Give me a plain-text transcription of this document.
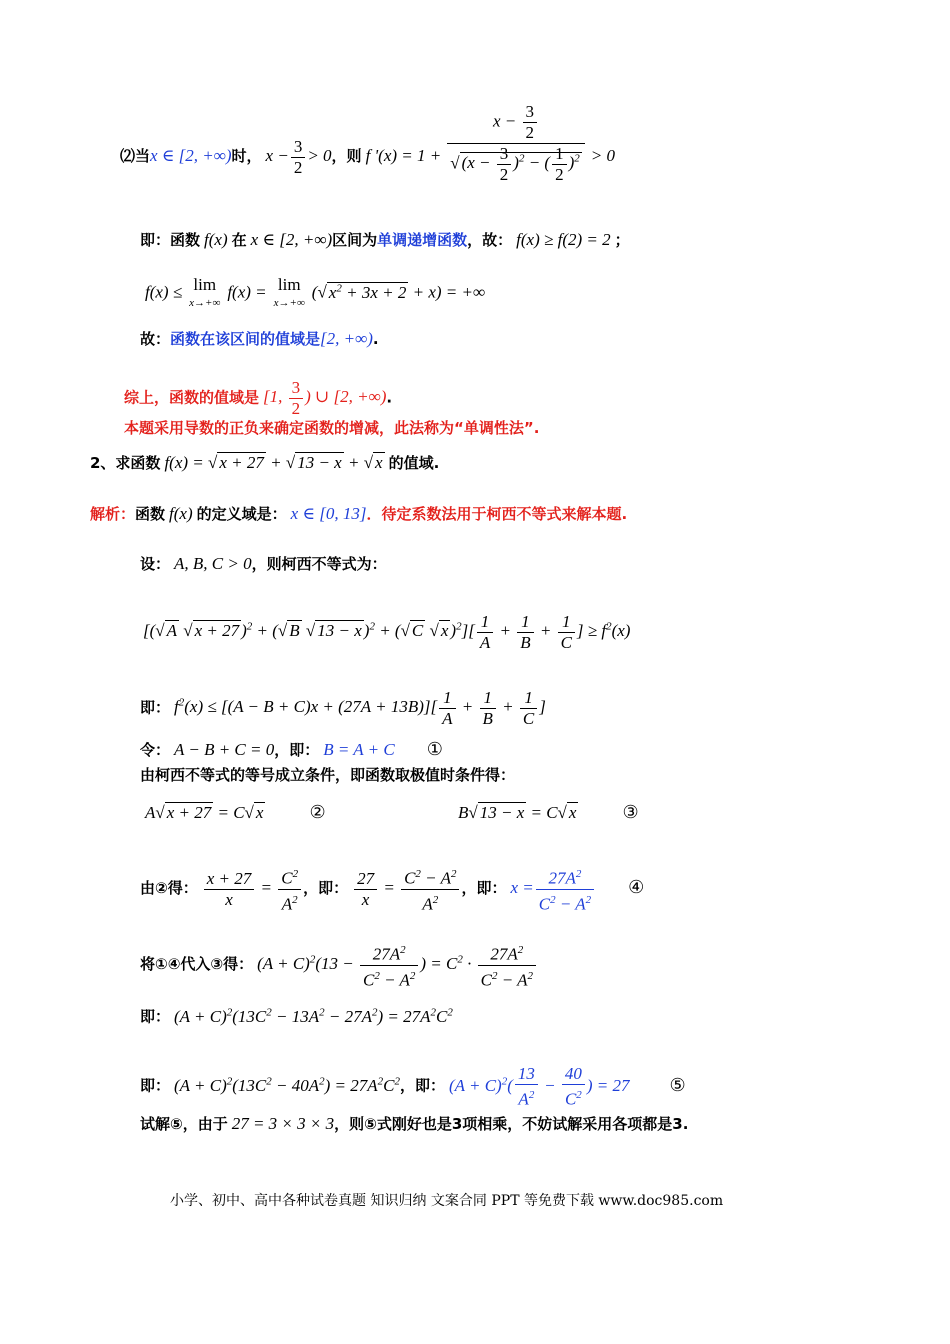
⑵当x ∈ [2, +∞)时， $x - \frac{3}{2} > 0$，则 f '$(x) = 1 + \frac{x - \frac{3}{2}}{√ (x - \frac{3}{2} )^2 - ( \frac{1}{2} )^2} > 0$
即：函数 f(x) 在 x ∈ [2, +∞)区间为单调递增函数，故： f(x) ≥ f(2) = 2 ；
f(x) ≤ lim
x→+∞
f(x) = lim
x→+∞
(√ $x^2 + 3x + 2 + x$) = +∞
故：函数在该区间的值域是[2, +∞).
综上，函数的值域是 [1, $\frac{3}{2}$ ) ∪ [2, +∞).
本题采用导数的正负来确定函数的增减，此法称为“单调性法”.
2、求函数 f(x) = √ x + 27 + √ 13 − x + √ x 的值域.
解析：函数 f(x) 的定义域是： x ∈ [0, 13]．待定系数法用于柯西不等式来解本题.
设： A, B, C > 0，则柯西不等式为：
[(√ A √ x + 27 )$^2$ + (√ B √ 13 − x )$^2$ + (√ C √ x )$^2][ \frac{1}{A} + \frac{1}{B} + \frac{1}{C}$ ] ≥ $f^2(x)$
即： $f^2(x) \le [(A - B + C)x + (27A + 13B)][ \frac{1}{A} + \frac{1}{B} + \frac{1}{C}$ ]
令： A − B + C = 0，即： B = A + C ①
由柯西不等式的等号成立条件，即函数取极值时条件得：
A√ x + 27 = C√ x	②	B√ 13 − x = C√ x	③
由②得： $\frac{x + 27}{x} = \frac{C^2}{A^2}$ ，即： $\frac{27}{x} = \frac{C^2 - A^2}{A^2}$ ，即： $x = \frac{27A^2}{C^2 - A^2}$ ④
将①④代入③得： $(A + C)^2(13 - \frac{27A^2}{C^2 - A^2}$ ) = $C^2 \cdot \frac{27A^2}{C^2 - A^2}$
即： $(A + C)^2(13C^2 - 13A^2 - 27A^2) = 27A^2C^2$
即： $(A + C)^2(13C^2 - 40A^2) = 27A^2C^2$，即： $(A + C)^2( \frac{13}{A^2} - \frac{40}{C^2}$ ) = 27 ⑤
试解⑤，由于 27 = 3 × 3 × 3，则⑤式刚好也是3项相乘，不妨试解采用各项都是3.
小学、初中、高中各种试卷真题 知识归纳 文案合同 PPT 等免费下载 www.doc985.com
